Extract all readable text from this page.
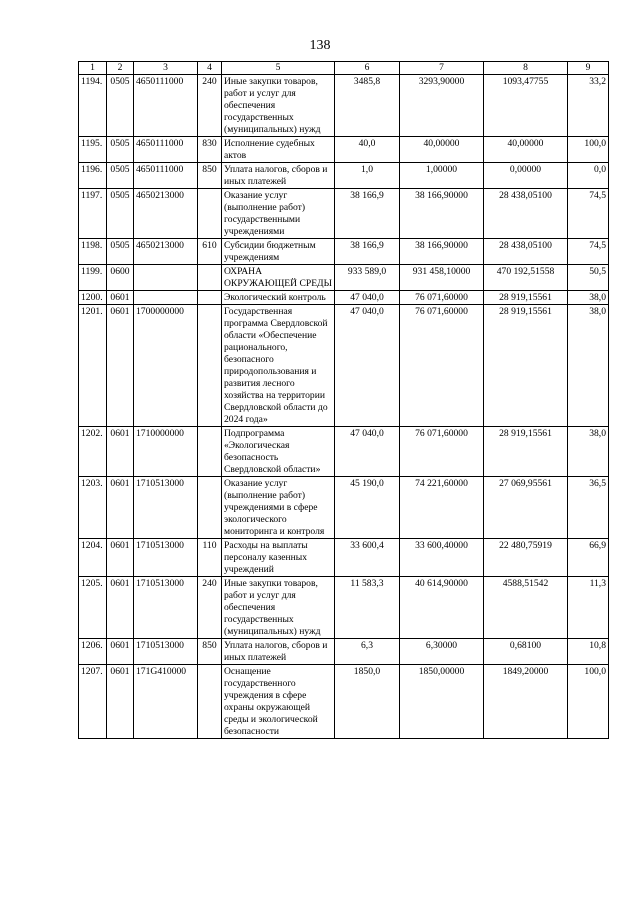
138
1	2	3	4	5	6	7	8	9
1194.	0505	4650111000	240	Иные закупки товаров, работ и услуг для обеспечения государственных (муниципальных) нужд	3485,8	3293,90000	1093,47755	33,2
1195.	0505	4650111000	830	Исполнение судебных актов	40,0	40,00000	40,00000	100,0
1196.	0505	4650111000	850	Уплата налогов, сборов и иных платежей	1,0	1,00000	0,00000	0,0
1197.	0505	4650213000		Оказание услуг (выполнение работ) государственными учреждениями	38 166,9	38 166,90000	28 438,05100	74,5
1198.	0505	4650213000	610	Субсидии бюджетным учреждениям	38 166,9	38 166,90000	28 438,05100	74,5
1199.	0600			ОХРАНА ОКРУЖАЮЩЕЙ СРЕДЫ	933 589,0	931 458,10000	470 192,51558	50,5
1200.	0601			Экологический контроль	47 040,0	76 071,60000	28 919,15561	38,0
1201.	0601	1700000000		Государственная программа Свердловской области «Обеспечение рационального, безопасного природопользования и развития лесного хозяйства на территории Свердловской области до 2024 года»	47 040,0	76 071,60000	28 919,15561	38,0
1202.	0601	1710000000		Подпрограмма «Экологическая безопасность Свердловской области»	47 040,0	76 071,60000	28 919,15561	38,0
1203.	0601	1710513000		Оказание услуг (выполнение работ) учреждениями в сфере экологического мониторинга и контроля	45 190,0	74 221,60000	27 069,95561	36,5
1204.	0601	1710513000	110	Расходы на выплаты персоналу казенных учреждений	33 600,4	33 600,40000	22 480,75919	66,9
1205.	0601	1710513000	240	Иные закупки товаров, работ и услуг для обеспечения государственных (муниципальных) нужд	11 583,3	40 614,90000	4588,51542	11,3
1206.	0601	1710513000	850	Уплата налогов, сборов и иных платежей	6,3	6,30000	0,68100	10,8
1207.	0601	171G410000		Оснащение государственного учреждения в сфере охраны окружающей среды и экологической безопасности	1850,0	1850,00000	1849,20000	100,0
